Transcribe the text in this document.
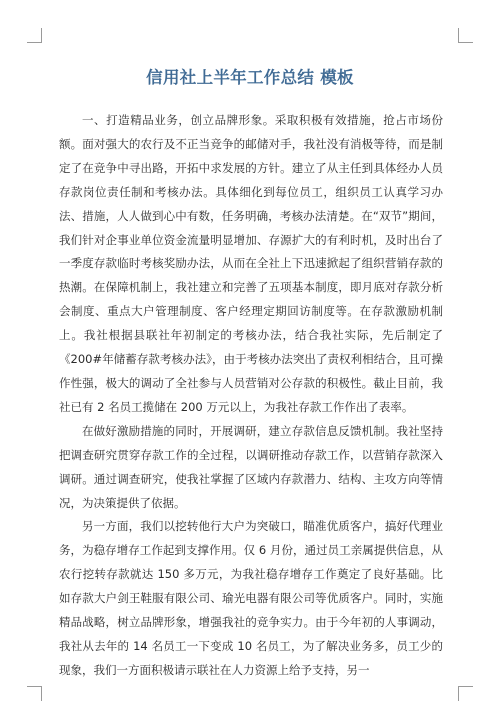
信用社上半年工作总结 模板

一、打造精品业务，创立品牌形象。采取积极有效措施，抢占市场份额。面对强大的农行及不正当竞争的邮储对手，我社没有消极等待，而是制定了在竞争中寻出路，开拓中求发展的方针。建立了从主任到具体经办人员存款岗位责任制和考核办法。具体细化到每位员工，组织员工认真学习办法、措施，人人做到心中有数，任务明确，考核办法清楚。在“双节”期间，我们针对企事业单位资金流量明显增加、存源扩大的有利时机，及时出台了一季度存款临时考核奖励办法，从而在全社上下迅速掀起了组织营销存款的热潮。在保障机制上，我社建立和完善了五项基本制度，即月底对存款分析会制度、重点大户管理制度、客户经理定期回访制度等。在存款激励机制上。我社根据县联社年初制定的考核办法，结合我社实际，先后制定了《200#年储蓄存款考核办法》，由于考核办法突出了责权利相结合，且可操作性强，极大的调动了全社参与人员营销对公存款的积极性。截止目前，我社已有 2 名员工揽储在 200 万元以上，为我社存款工作作出了表率。

在做好激励措施的同时，开展调研，建立存款信息反馈机制。我社坚持把调查研究贯穿存款工作的全过程，以调研推动存款工作，以营销存款深入调研。通过调查研究，使我社掌握了区域内存款潜力、结构、主攻方向等情况，为决策提供了依据。

另一方面，我们以挖转他行大户为突破口，瞄准优质客户，搞好代理业务，为稳存增存工作起到支撑作用。仅 6 月份，通过员工亲属提供信息，从农行挖转存款就达 150 多万元，为我社稳存增存工作奠定了良好基础。比如存款大户剑王鞋服有限公司、瑜光电器有限公司等优质客户。同时，实施精品战略，树立品牌形象，增强我社的竞争实力。由于今年初的人事调动，我社从去年的 14 名员工一下变成 10 名员工，为了解决业务多，员工少的现象，我们一方面积极请示联社在人力资源上给予支持，另一
